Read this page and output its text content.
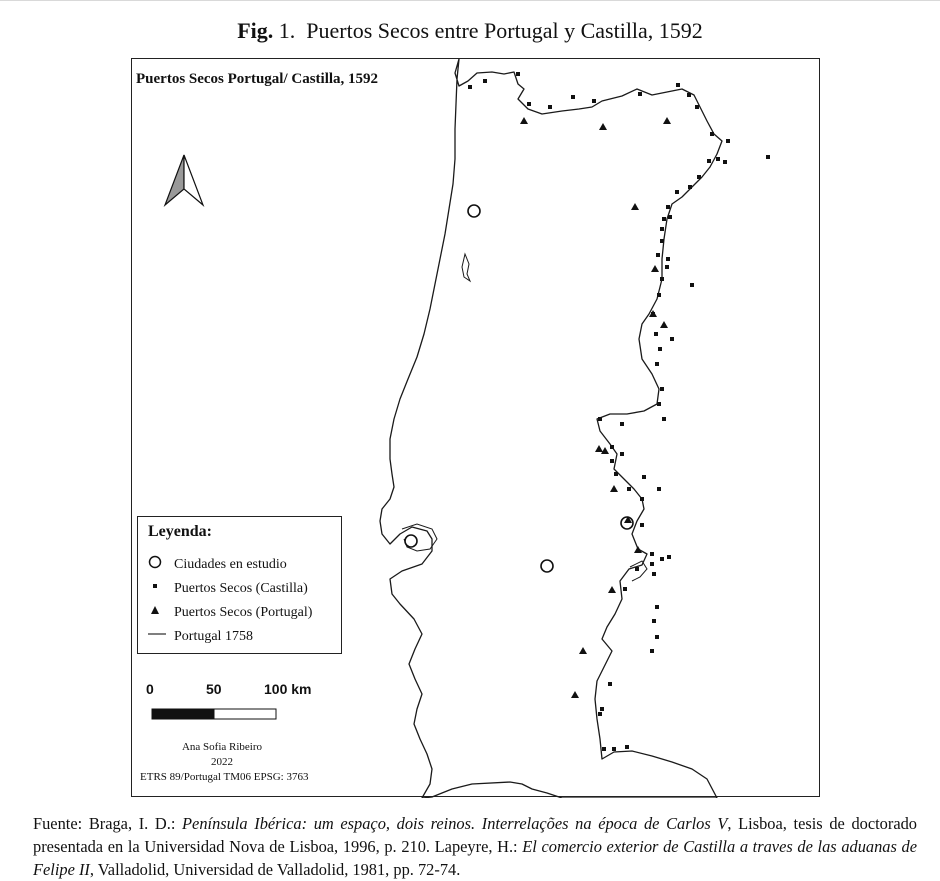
Fig. 1. Puertos Secos entre Portugal y Castilla, 1592
Puertos Secos Portugal/ Castilla, 1592
Leyenda:
Ciudades en estudio
Puertos Secos (Castilla)
Puertos Secos (Portugal)
Portugal 1758
0	50	100 km
Ana Sofia Ribeiro
2022
ETRS 89/Portugal TM06 EPSG: 3763
Fuente: Braga, I. D.: Península Ibérica: um espaço, dois reinos. Interrelações na época de Carlos V, Lisboa, tesis de doctorado presentada en la Universidad Nova de Lisboa, 1996, p. 210. Lapeyre, H.: El comercio exterior de Castilla a traves de las aduanas de Felipe II, Valladolid, Universidad de Valladolid, 1981, pp. 72-74.
